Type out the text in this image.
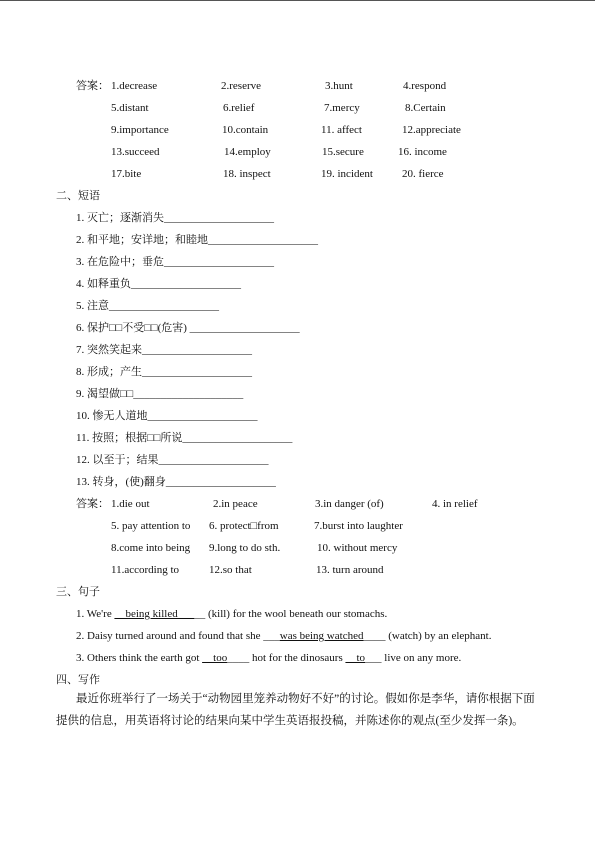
答案： 1.decrease	2.reserve	3.hunt	4.respond
5.distant	6.relief	7.mercy	8.Certain
9.importance	10.contain	11. affect	12.appreciate
13.succeed	14.employ	15.secure	16. income
17.bite	18. inspect	19. incident	20. fierce
二、短语
1. 灭亡；逐渐消失____________________
2. 和平地；安详地；和睦地____________________
3. 在危险中；垂危____________________
4. 如释重负____________________
5. 注意____________________
6. 保护□□不受□□(危害) ____________________
7. 突然笑起来____________________
8. 形成；产生____________________
9. 渴望做□□____________________
10. 惨无人道地____________________
11. 按照；根据□□所说____________________
12. 以至于；结果____________________
13. 转身，(使)翻身____________________
答案： 1.die out	2.in peace	3.in danger (of)	4. in relief
5. pay attention to 6. protect□from	7.burst into laughter
8.come into being 9.long to do sth.	10. without mercy
11.according to	12.so that	13. turn around
三、句子
1. We're __being killed_____ (kill) for the wool beneath our stomachs.
2. Daisy turned around and found that she ___was being watched____ (watch) by an elephant.
3. Others think the earth got __too____ hot for the dinosaurs __to___ live on any more.
四、写作
最近你班举行了一场关于“动物园里笼养动物好不好”的讨论。假如你是李华，请你根据下面提供的信息，用英语将讨论的结果向某中学生英语报投稿，并陈述你的观点(至少发挥一条)。
